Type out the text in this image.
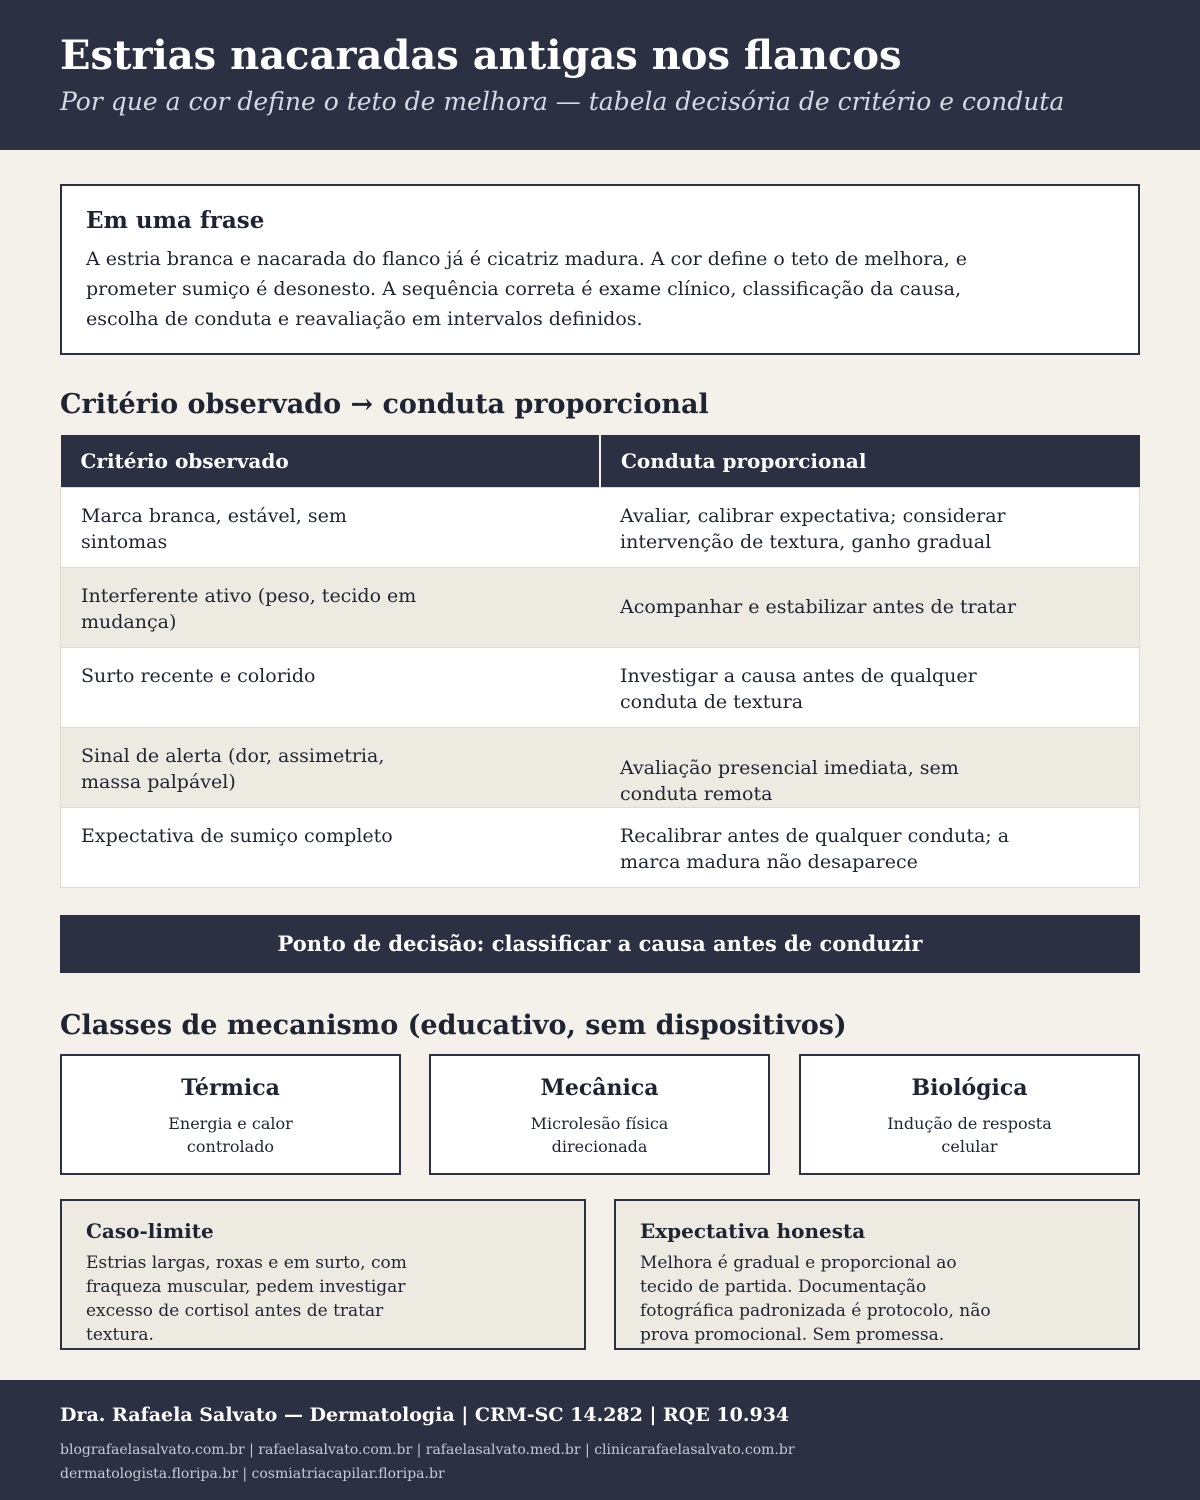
Estrias nacaradas antigas nos flancos
Por que a cor define o teto de melhora — tabela decisória de critério e conduta
Em uma frase

A estria branca e nacarada do flanco já é cicatriz madura. A cor define o teto de melhora, e prometer sumiço é desonesto. A sequência correta é exame clínico, classificação da causa, escolha de conduta e reavaliação em intervalos definidos.

Critério observado → conduta proporcional
Critério observado	Conduta proporcional

Marca branca, estável, sem sintomas	Avaliar, calibrar expectativa; considerar intervenção de textura, ganho gradual

Interferente ativo (peso, tecido em mudança)	Acompanhar e estabilizar antes de tratar

Surto recente e colorido	Investigar a causa antes de qualquer conduta de textura

Sinal de alerta (dor, assimetria, massa palpável)	Avaliação presencial imediata, sem conduta remota

Expectativa de sumiço completo	Recalibrar antes de qualquer conduta; a marca madura não desaparece
Ponto de decisão: classificar a causa antes de conduzir
Classes de mecanismo (educativo, sem dispositivos)
Térmica

Energia e calor controlado

Mecânica

Microlesão física direcionada

Biológica

Indução de resposta celular

Caso-limite

Estrias largas, roxas e em surto, com fraqueza muscular, pedem investigar excesso de cortisol antes de tratar textura.

Expectativa honesta

Melhora é gradual e proporcional ao tecido de partida. Documentação fotográfica padronizada é protocolo, não prova promocional. Sem promessa.

Dra. Rafaela Salvato — Dermatologia | CRM-SC 14.282 | RQE 10.934
blografaelasalvato.com.br | rafaelasalvato.com.br | rafaelasalvato.med.br | clinicarafaelasalvato.com.br dermatologista.floripa.br | cosmiatriacapilar.floripa.br
